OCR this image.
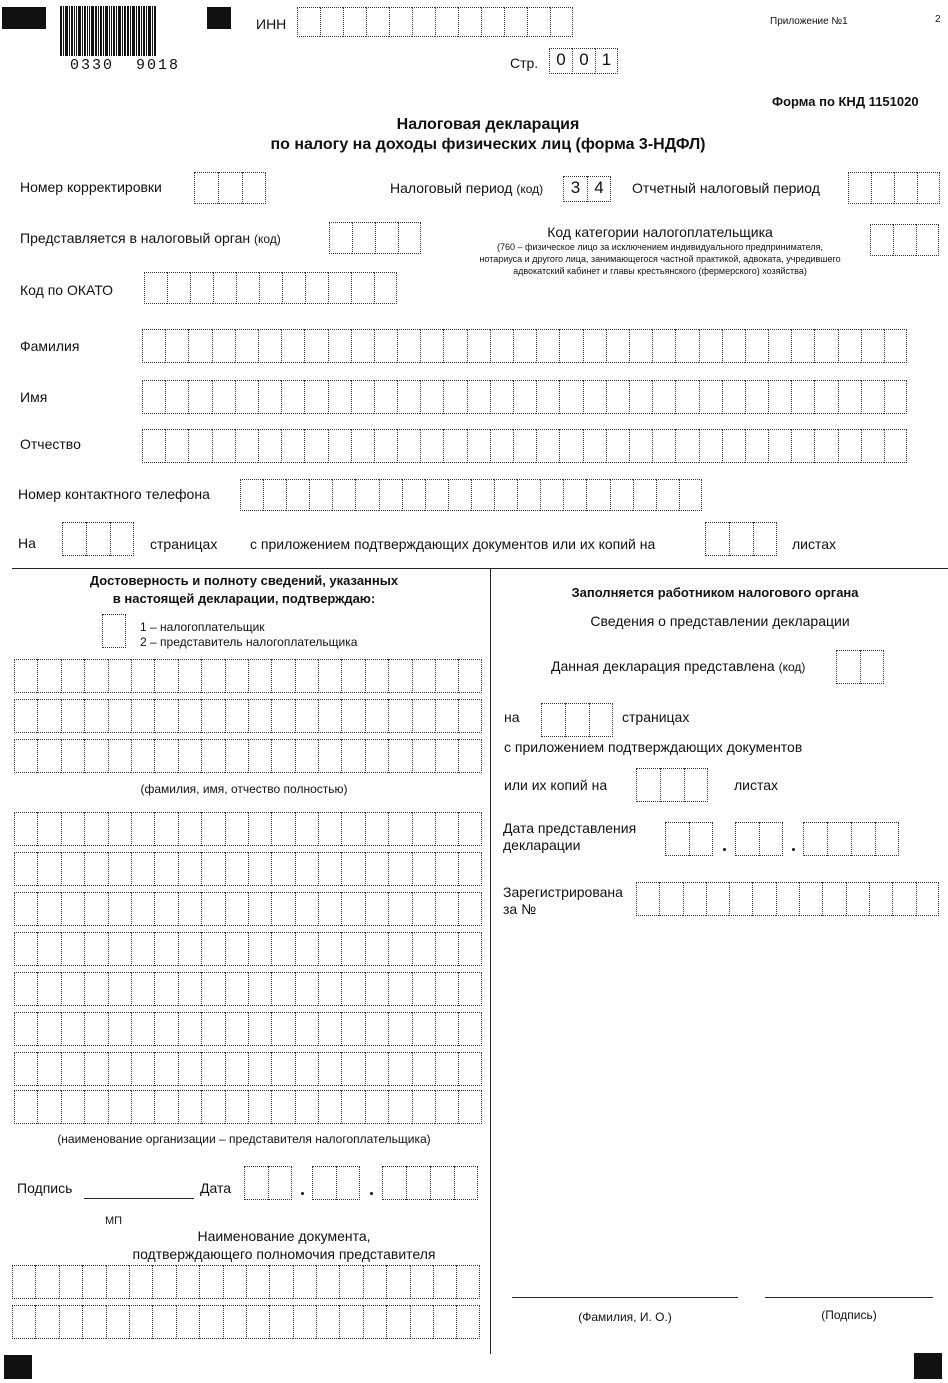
0330  9018
ИНН	Приложение №1	2
Стр.	0 0 1
Форма по КНД 1151020
Налоговая декларация
по налогу на доходы физических лиц (форма 3-НДФЛ)
Номер корректировки	Налоговый период (код)	3 4	Отчетный налоговый период
Представляется в налоговый орган (код)	Код категории налогоплательщика
(760 – физическое лицо за исключением индивидуального предпринимателя,
нотариуса и другого лица, занимающегося частной практикой, адвоката, учредившего
адвокатский кабинет и главы крестьянского (фермерского) хозяйства)
Код по ОКАТО
Фамилия
Имя
Отчество
Номер контактного телефона
На	страницах с приложением подтверждающих документов или их копий на	листах
Достоверность и полноту сведений, указанных
в настоящей декларации, подтверждаю:
1 – налогоплательщик
2 – представитель налогоплательщика
(фамилия, имя, отчество полностью)
(наименование организации – представителя налогоплательщика)
Подпись	Дата
МП
Наименование документа,
подтверждающего полномочия представителя
Заполняется работником налогового органа
Сведения о представлении декларации
Данная декларация представлена (код)
на	страницах
с приложением подтверждающих документов
или их копий на	листах
Дата представления
декларации
Зарегистрирована
за №
(Фамилия, И. О.)	(Подпись)
